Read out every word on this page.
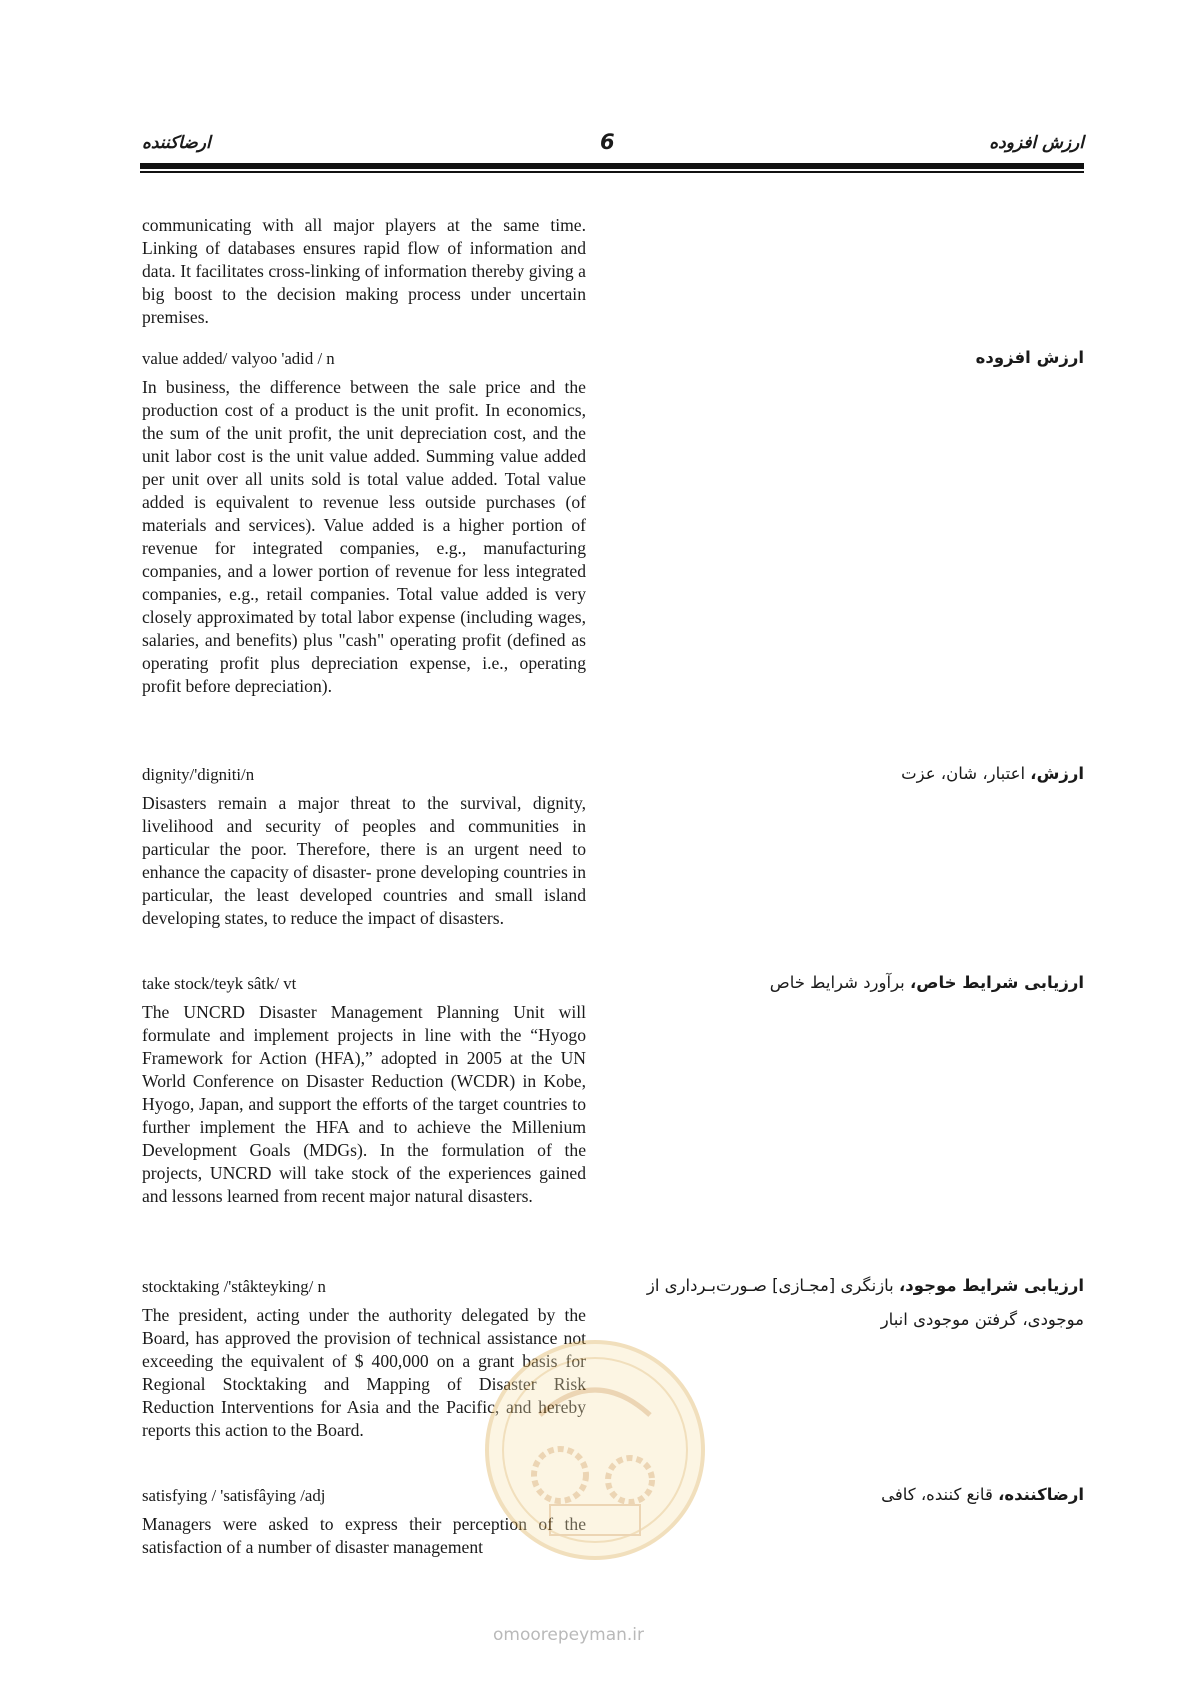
ارضاکننده	6	ارزش افزوده

communicating with all major players at the same time. Linking of databases ensures rapid flow of information and data. It facilitates cross-linking of information thereby giving a big boost to the decision making process under uncertain premises.

value added/ valyoo 'adid / n

In business, the difference between the sale price and the production cost of a product is the unit profit. In economics, the sum of the unit profit, the unit depreciation cost, and the unit labor cost is the unit value added. Summing value added per unit over all units sold is total value added. Total value added is equivalent to revenue less outside purchases (of materials and services). Value added is a higher portion of revenue for integrated companies, e.g., manufacturing companies, and a lower portion of revenue for less integrated companies, e.g., retail companies. Total value added is very closely approximated by total labor expense (including wages, salaries, and benefits) plus "cash" operating profit (defined as operating profit plus depreciation expense, i.e., operating profit before depreciation).

ارزش افزوده
dignity/'digniti/n

Disasters remain a major threat to the survival, dignity, livelihood and security of peoples and communities in particular the poor. Therefore, there is an urgent need to enhance the capacity of disaster- prone developing countries in particular, the least developed countries and small island developing states, to reduce the impact of disasters.

ارزش، اعتبار، شان، عزت
take stock/teyk sâtk/ vt

The UNCRD Disaster Management Planning Unit will formulate and implement projects in line with the “Hyogo Framework for Action (HFA),” adopted in 2005 at the UN World Conference on Disaster Reduction (WCDR) in Kobe, Hyogo, Japan, and support the efforts of the target countries to further implement the HFA and to achieve the Millenium Development Goals (MDGs). In the formulation of the projects, UNCRD will take stock of the experiences gained and lessons learned from recent major natural disasters.

ارزیابی شرایط خاص، برآورد شرایط خاص
stocktaking /'stâkteyking/ n

The president, acting under the authority delegated by the Board, has approved the provision of technical assistance not exceeding the equivalent of $ 400,000 on a grant basis for Regional Stocktaking and Mapping of Disaster Risk Reduction Interventions for Asia and the Pacific, and hereby reports this action to the Board.

ارزیابی شرایط موجود، بازنگری [مجـازی] صـورت‌بـرداری از موجودی، گرفتن موجودی انبار
satisfying / 'satisfâying /adj

Managers were asked to express their perception of the satisfaction of a number of disaster management

ارضاکننده، قانع کننده، کافی
omoorepeyman.ir
